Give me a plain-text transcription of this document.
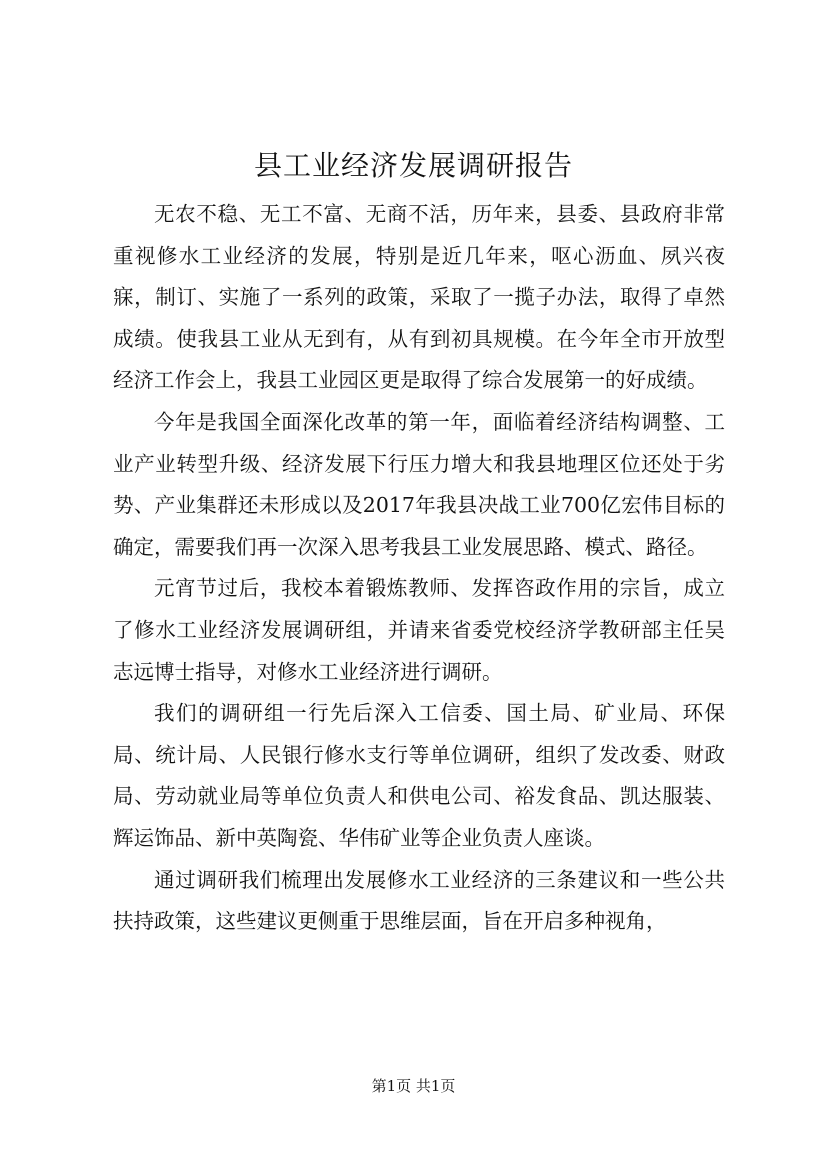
县工业经济发展调研报告

无农不稳、无工不富、无商不活，历年来，县委、县政府非常重视修水工业经济的发展，特别是近几年来，呕心沥血、夙兴夜寐，制订、实施了一系列的政策，采取了一揽子办法，取得了卓然成绩。使我县工业从无到有，从有到初具规模。在今年全市开放型经济工作会上，我县工业园区更是取得了综合发展第一的好成绩。

今年是我国全面深化改革的第一年，面临着经济结构调整、工业产业转型升级、经济发展下行压力增大和我县地理区位还处于劣势、产业集群还未形成以及2017年我县决战工业700亿宏伟目标的确定，需要我们再一次深入思考我县工业发展思路、模式、路径。

元宵节过后，我校本着锻炼教师、发挥咨政作用的宗旨，成立了修水工业经济发展调研组，并请来省委党校经济学教研部主任吴志远博士指导，对修水工业经济进行调研。

我们的调研组一行先后深入工信委、国土局、矿业局、环保局、统计局、人民银行修水支行等单位调研，组织了发改委、财政局、劳动就业局等单位负责人和供电公司、裕发食品、凯达服装、辉运饰品、新中英陶瓷、华伟矿业等企业负责人座谈。

通过调研我们梳理出发展修水工业经济的三条建议和一些公共扶持政策，这些建议更侧重于思维层面，旨在开启多种视角，

第1页 共1页
